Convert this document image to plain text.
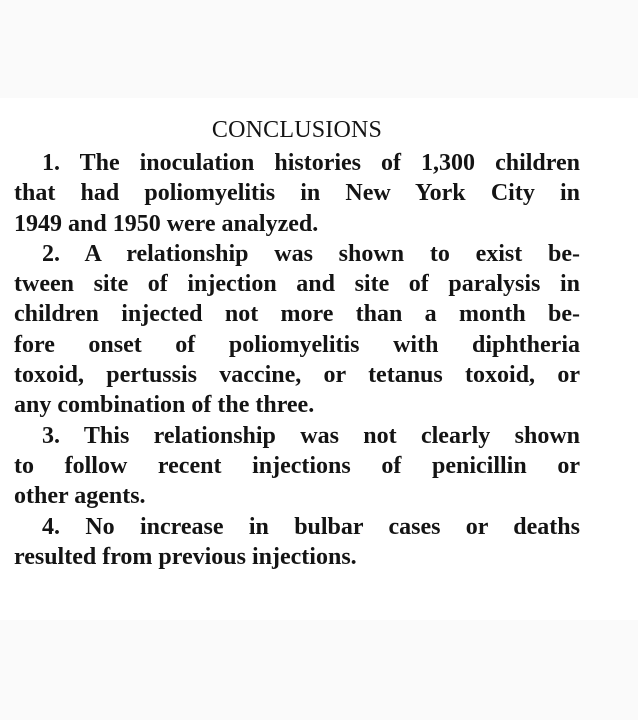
CONCLUSIONS

1. The inoculation histories of 1,300 children
that had poliomyelitis in New York City in
1949 and 1950 were analyzed.

2. A relationship was shown to exist be-
tween site of injection and site of paralysis in
children injected not more than a month be-
fore onset of poliomyelitis with diphtheria
toxoid, pertussis vaccine, or tetanus toxoid, or
any combination of the three.

3. This relationship was not clearly shown
to follow recent injections of penicillin or
other agents.

4. No increase in bulbar cases or deaths
resulted from previous injections.
